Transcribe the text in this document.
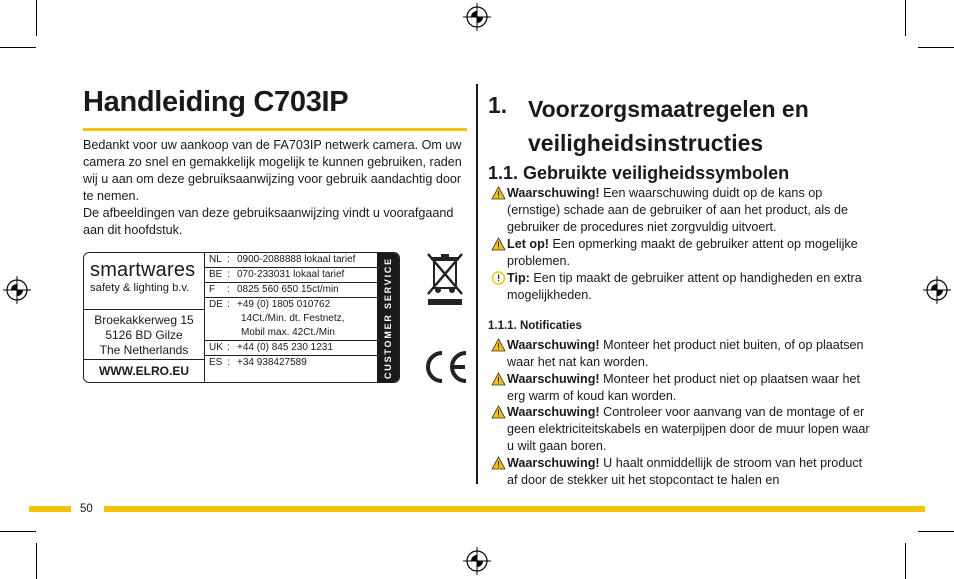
Handleiding C703IP

Bedankt voor uw aankoop van de FA703IP netwerk camera. Om uw camera zo snel en gemakkelijk mogelijk te kunnen gebruiken, raden wij u aan om deze gebruiksaanwijzing voor gebruik aandachtig door te nemen.

De afbeeldingen van deze gebruiksaanwijzing vindt u voorafgaand aan dit hoofdstuk.

smartwares
safety & lighting b.v.
Broekakkerweg 15
5126 BD Gilze
The Netherlands
WWW.ELRO.EU
NL : 0900-2088888 lokaal tarief
BE : 070-233031 lokaal tarief
F : 0825 560 650 15ct/min
DE : +49 (0) 1805 010762
14Ct./Min. dt. Festnetz,
Mobil max. 42Ct./Min
UK : +44 (0) 845 230 1231
ES : +34 938427589	CUSTOMER SERVICE
1. Voorzorgsmaatregelen en veiligheidsinstructies
1.1. Gebruikte veiligheidssymbolen
Waarschuwing! Een waarschuwing duidt op de kans op (ernstige) schade aan de gebruiker of aan het product, als de gebruiker de procedures niet zorgvuldig uitvoert.
Let op! Een opmerking maakt de gebruiker attent op mogelijke problemen.
Tip: Een tip maakt de gebruiker attent op handigheden en extra mogelijkheden.
1.1.1. Notificaties
Waarschuwing! Monteer het product niet buiten, of op plaatsen waar het nat kan worden.
Waarschuwing! Monteer het product niet op plaatsen waar het erg warm of koud kan worden.
Waarschuwing! Controleer voor aanvang van de montage of er geen elektriciteitskabels en waterpijpen door de muur lopen waar u wilt gaan boren.
Waarschuwing! U haalt onmiddellijk de stroom van het product af door de stekker uit het stopcontact te halen en
50
